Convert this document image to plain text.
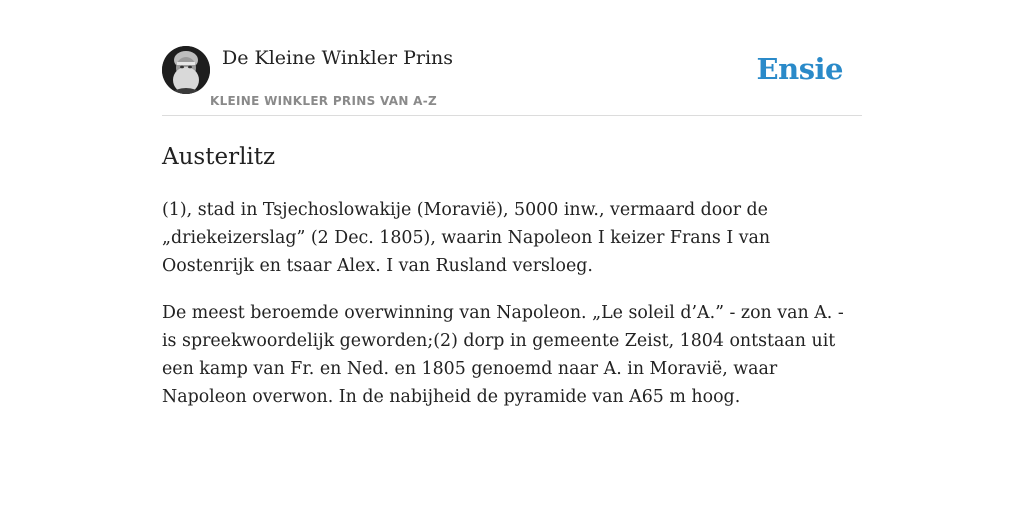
De Kleine Winkler Prins
KLEINE WINKLER PRINS VAN A-Z
Ensie
Austerlitz

(1), stad in Tsjechoslowakije (Moravië), 5000 inw., vermaard door de „driekeizerslag” (2 Dec. 1805), waarin Napoleon I keizer Frans I van Oostenrijk en tsaar Alex. I van Rusland versloeg.

De meest beroemde overwinning van Napoleon. „Le soleil d’A.” - zon van A. - is spreekwoordelijk geworden;(2) dorp in gemeente Zeist, 1804 ontstaan uit een kamp van Fr. en Ned. en 1805 genoemd naar A. in Moravië, waar Napoleon overwon. In de nabijheid de pyramide van A65 m hoog.
